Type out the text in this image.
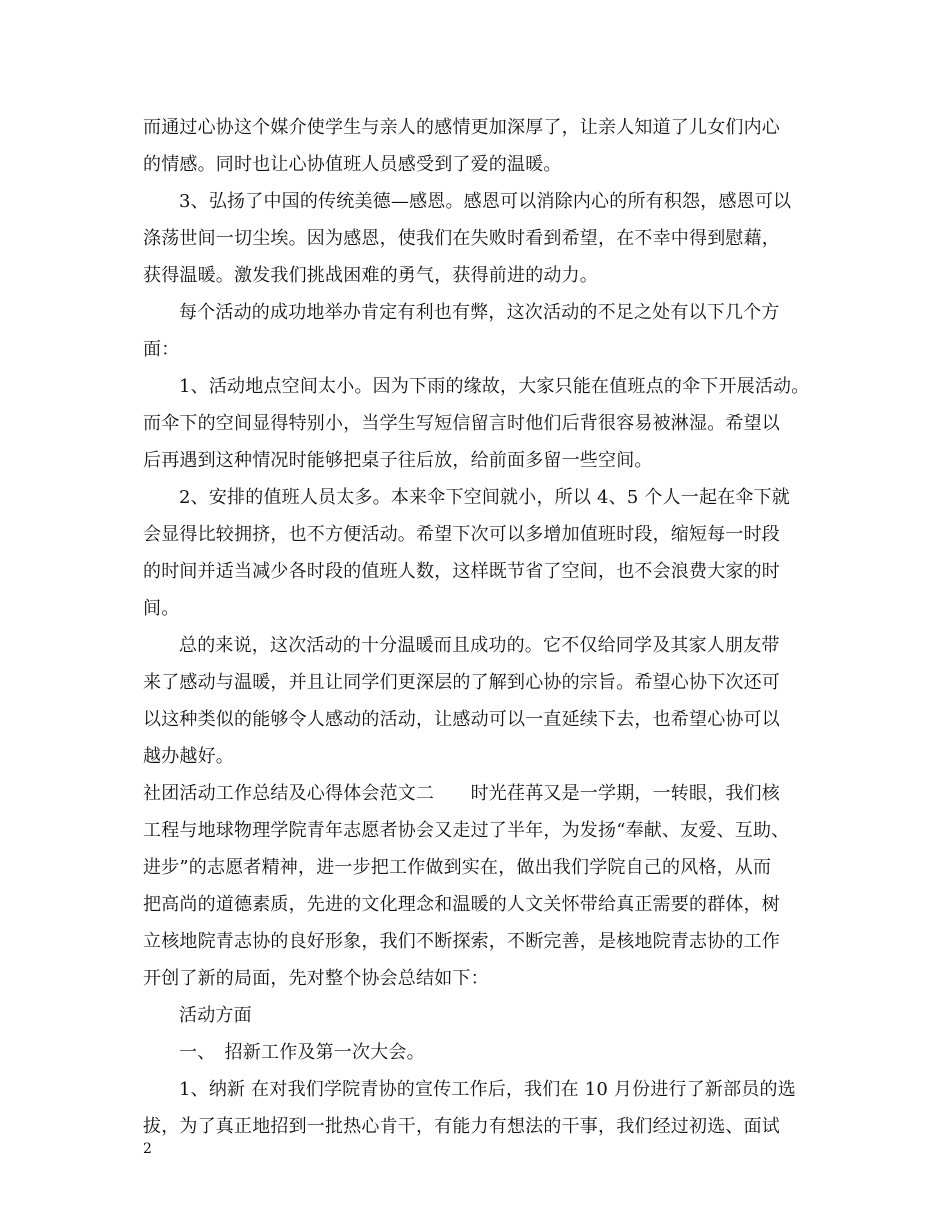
而通过心协这个媒介使学生与亲人的感情更加深厚了，让亲人知道了儿女们内心
的情感。同时也让心协值班人员感受到了爱的温暖。
3、弘扬了中国的传统美德—感恩。感恩可以消除内心的所有积怨，感恩可以
涤荡世间一切尘埃。因为感恩，使我们在失败时看到希望，在不幸中得到慰藉，
获得温暖。激发我们挑战困难的勇气，获得前进的动力。
每个活动的成功地举办肯定有利也有弊，这次活动的不足之处有以下几个方
面：
1、活动地点空间太小。因为下雨的缘故，大家只能在值班点的伞下开展活动。
而伞下的空间显得特别小，当学生写短信留言时他们后背很容易被淋湿。希望以
后再遇到这种情况时能够把桌子往后放，给前面多留一些空间。
2、安排的值班人员太多。本来伞下空间就小，所以 4、5 个人一起在伞下就
会显得比较拥挤，也不方便活动。希望下次可以多增加值班时段，缩短每一时段
的时间并适当减少各时段的值班人数，这样既节省了空间，也不会浪费大家的时
间。
总的来说，这次活动的十分温暖而且成功的。它不仅给同学及其家人朋友带
来了感动与温暖，并且让同学们更深层的了解到心协的宗旨。希望心协下次还可
以这种类似的能够令人感动的活动，让感动可以一直延续下去，也希望心协可以
越办越好。
社团活动工作总结及心得体会范文二　　时光荏苒又是一学期，一转眼，我们核
工程与地球物理学院青年志愿者协会又走过了半年，为发扬“奉献、友爱、互助、
进步”的志愿者精神，进一步把工作做到实在，做出我们学院自己的风格，从而
把高尚的道德素质，先进的文化理念和温暖的人文关怀带给真正需要的群体，树
立核地院青志协的良好形象，我们不断探索，不断完善，是核地院青志协的工作
开创了新的局面，先对整个协会总结如下：
活动方面
一、　招新工作及第一次大会。
1、纳新 在对我们学院青协的宣传工作后，我们在 10 月份进行了新部员的选
拔，为了真正地招到一批热心肯干，有能力有想法的干事，我们经过初选、面试
2
